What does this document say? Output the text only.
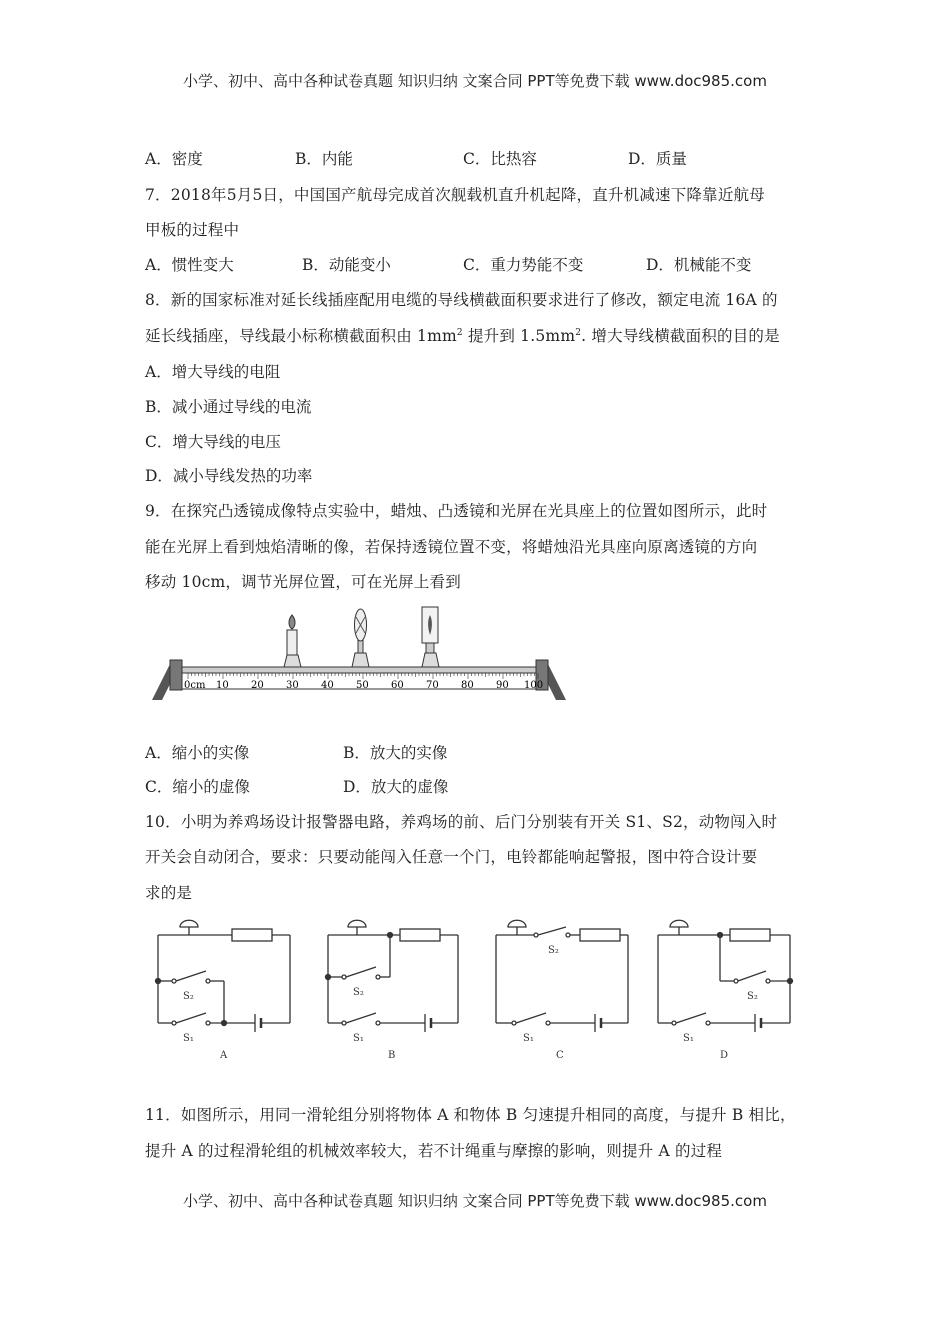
小学、初中、高中各种试卷真题 知识归纳 文案合同 PPT等免费下载 www.doc985.com
A．密度	B．内能	C．比热容	D．质量
7．2018年5月5日，中国国产航母完成首次舰载机直升机起降，直升机减速下降靠近航母
甲板的过程中
A．惯性变大	B．动能变小	C．重力势能不变	D．机械能不变
8．新的国家标准对延长线插座配用电缆的导线横截面积要求进行了修改，额定电流 16A 的
延长线插座，导线最小标称横截面积由 $1mm^2$ 提升到 $1.5mm^2$. 增大导线横截面积的目的是
A．增大导线的电阻
B．减小通过导线的电流
C．增大导线的电压
D．减小导线发热的功率
9．在探究凸透镜成像特点实验中，蜡烛、凸透镜和光屏在光具座上的位置如图所示，此时
能在光屏上看到烛焰清晰的像，若保持透镜位置不变，将蜡烛沿光具座向原离透镜的方向
移动 10cm，调节光屏位置，可在光屏上看到
0cm 10 20 30 40 50 60 70 80 90 100
A．缩小的实像	B．放大的实像
C．缩小的虚像	D．放大的虚像
10．小明为养鸡场设计报警器电路，养鸡场的前、后门分别装有开关 S1、S2，动物闯入时
开关会自动闭合，要求：只要动能闯入任意一个门，电铃都能响起警报，图中符合设计要
求的是
S₂
S₁
A
S₂
S₁
B
S₂
S₁
C
S₂
S₁
D
11．如图所示，用同一滑轮组分别将物体 A 和物体 B 匀速提升相同的高度，与提升 B 相比，
提升 A 的过程滑轮组的机械效率较大，若不计绳重与摩擦的影响，则提升 A 的过程
小学、初中、高中各种试卷真题 知识归纳 文案合同 PPT等免费下载 www.doc985.com
